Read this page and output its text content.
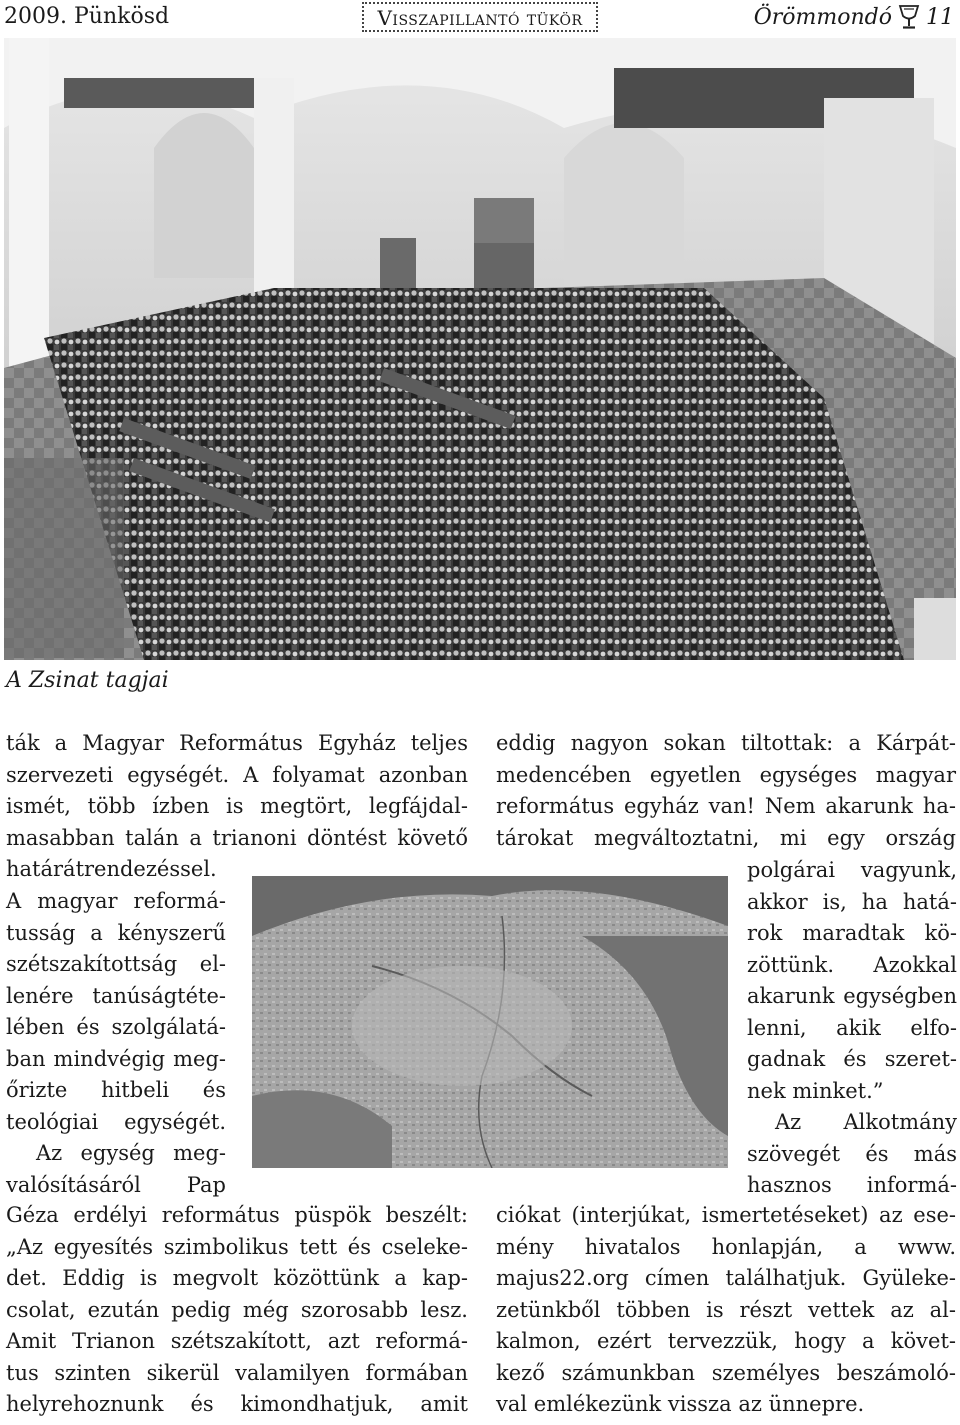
2009. Pünkösd	Visszapillantó tükör	Örömmondó 11
A Zsinat tagjai
ták a Magyar Református Egyház teljes
szervezeti egységét. A folyamat azonban
ismét, több ízben is megtört, legfájdal-
masabban talán a trianoni döntést követő
határátrendezéssel.
A magyar reformá-
tusság a kényszerű
szétszakítottság el-
lenére tanúságtéte-
lében és szolgálatá-
ban mindvégig meg-
őrizte hitbeli és
teológiai egységét.
Az egység meg-
valósításáról Pap
Géza erdélyi református püspök beszélt:
„Az egyesítés szimbolikus tett és cseleke-
det. Eddig is megvolt közöttünk a kap-
csolat, ezután pedig még szorosabb lesz.
Amit Trianon szétszakított, azt reformá-
tus szinten sikerül valamilyen formában
helyrehoznunk és kimondhatjuk, amit
eddig nagyon sokan tiltottak: a Kárpát-
medencében egyetlen egységes magyar
református egyház van! Nem akarunk ha-
tárokat megváltoztatni, mi egy ország
polgárai vagyunk,
akkor is, ha hatá-
rok maradtak kö-
zöttünk. Azokkal
akarunk egységben
lenni, akik elfo-
gadnak és szeret-
nek minket.”
Az Alkotmány
szövegét és más
hasznos informá-
ciókat (interjúkat, ismertetéseket) az ese-
mény hivatalos honlapján, a www.
majus22.org címen találhatjuk. Gyüleke-
zetünkből többen is részt vettek az al-
kalmon, ezért tervezzük, hogy a követ-
kező számunkban személyes beszámoló-
val emlékezünk vissza az ünnepre.
